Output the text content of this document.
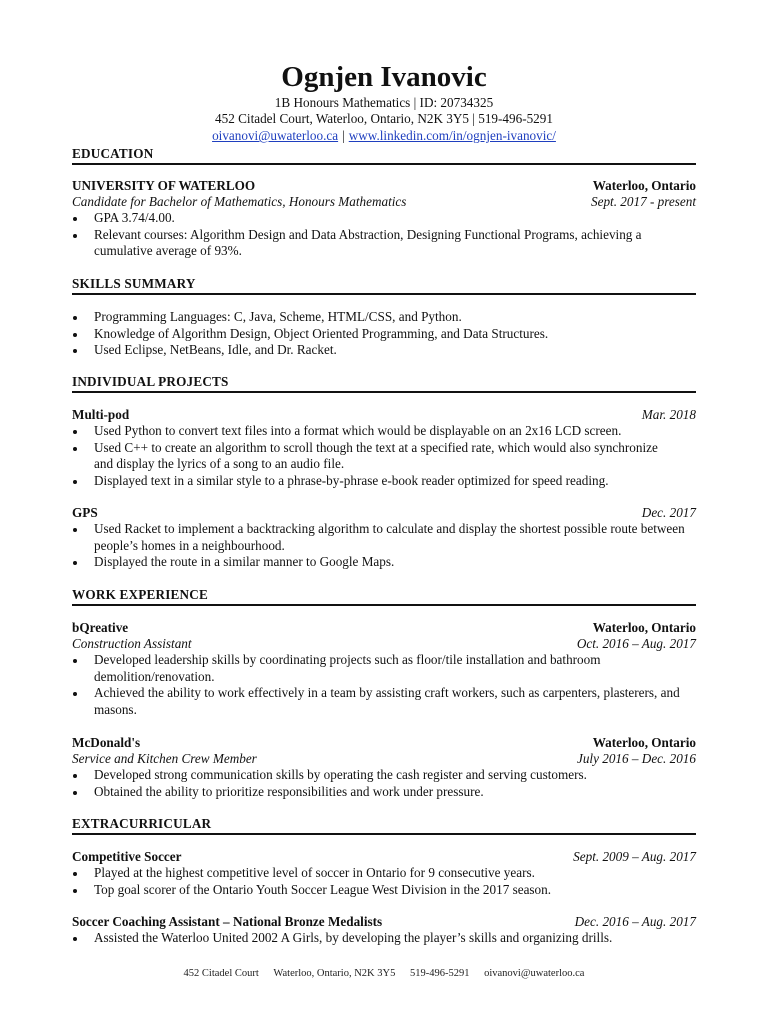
Ognjen Ivanovic
1B Honours Mathematics | ID: 20734325
452 Citadel Court, Waterloo, Ontario, N2K 3Y5 | 519-496-5291
oivanovi@uwaterloo.ca | www.linkedin.com/in/ognjen-ivanovic/
EDUCATION
UNIVERSITY OF WATERLOO	Waterloo, Ontario
Candidate for Bachelor of Mathematics, Honours Mathematics	Sept. 2017 - present
GPA 3.74/4.00.
Relevant courses: Algorithm Design and Data Abstraction, Designing Functional Programs, achieving a cumulative average of 93%.
SKILLS SUMMARY
Programming Languages: C, Java, Scheme, HTML/CSS, and Python.
Knowledge of Algorithm Design, Object Oriented Programming, and Data Structures.
Used Eclipse, NetBeans, Idle, and Dr. Racket.
INDIVIDUAL PROJECTS
Multi-pod	Mar. 2018
Used Python to convert text files into a format which would be displayable on an 2x16 LCD screen.
Used C++ to create an algorithm to scroll though the text at a specified rate, which would also synchronize and display the lyrics of a song to an audio file.
Displayed text in a similar style to a phrase-by-phrase e-book reader optimized for speed reading.
GPS	Dec. 2017
Used Racket to implement a backtracking algorithm to calculate and display the shortest possible route between people’s homes in a neighbourhood.
Displayed the route in a similar manner to Google Maps.
WORK EXPERIENCE
bQreative	Waterloo, Ontario
Construction Assistant	Oct. 2016 – Aug. 2017
Developed leadership skills by coordinating projects such as floor/tile installation and bathroom demolition/renovation.
Achieved the ability to work effectively in a team by assisting craft workers, such as carpenters, plasterers, and masons.
McDonald's	Waterloo, Ontario
Service and Kitchen Crew Member	July 2016 – Dec. 2016
Developed strong communication skills by operating the cash register and serving customers.
Obtained the ability to prioritize responsibilities and work under pressure.
EXTRACURRICULAR
Competitive Soccer	Sept. 2009 – Aug. 2017
Played at the highest competitive level of soccer in Ontario for 9 consecutive years.
Top goal scorer of the Ontario Youth Soccer League West Division in the 2017 season.
Soccer Coaching Assistant – National Bronze Medalists	Dec. 2016 – Aug. 2017
Assisted the Waterloo United 2002 A Girls, by developing the player’s skills and organizing drills.
452 Citadel Court Waterloo, Ontario, N2K 3Y5 519-496-5291 oivanovi@uwaterloo.ca
